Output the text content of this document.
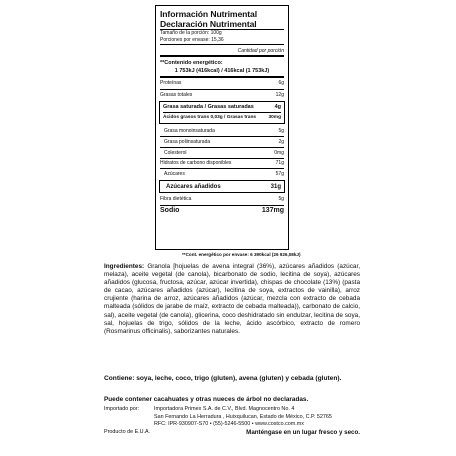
Información Nutrimental
Declaración Nutrimental
Tamaño de la porción: 100g
Porciones por envase: 15,36
Cantidad por porción
**Contenido energético:
1 753kJ (416kcal) / 416kcal (1 753kJ)
Proteínas	6g
Grasas totales	12g
Grasa saturada / Grasas saturadas	4g
Ácidos grasos trans 0,03g / Grasas trans	30mg
Grasa monoinsaturada	5g
Grasa poliinsaturada	2g
Colesterol	0mg
Hidratos de carbono disponibles	71g
Azúcares	57g
Azúcares añadidos	31g
Fibra dietética	5g
Sodio	137mg
**Cont. energético por envase: 6 390kcal (26 926,08kJ)
Ingredientes: Granola [hojuelas de avena integral (36%), azúcares añadidos (azúcar, melaza), aceite vegetal (de canola), bicarbonato de sodio, lecitina de soya), azúcares añadidos (glucosa, fructosa, azúcar, azúcar invertida), chispas de chocolate (13%) (pasta de cacao, azúcares añadidos (azúcar), lecitina de soya, extractos de vainilla), arroz crujiente (harina de arroz, azúcares añadidos (azúcar, mezcla con extracto de cebada malteada (sólidos de jarabe de maíz, extracto de cebada malteada)), carbonato de calcio, sal), aceite vegetal (de canola), glicerina, coco deshidratado sin endulzar, lecitina de soya, sal, hojuelas de trigo, sólidos de la leche, ácido ascórbico, extracto de romero (Rosmarinus officinalis), saborizantes naturales.
Contiene: soya, leche, coco, trigo (gluten), avena (gluten) y cebada (gluten).
Puede contener cacahuates y otras nueces de árbol no declaradas.
Importado por:	Importadora Primex S.A. de C.V., Blvd. Magnocentro No. 4
San Fernando La Herradura , Huixquilucan, Estado de México, C.P. 52765
RFC: IPR-930907-S70 • (55)-5246-5500 • www.costco.com.mx
Producto de E.U.A.	Manténgase en un lugar fresco y seco.
